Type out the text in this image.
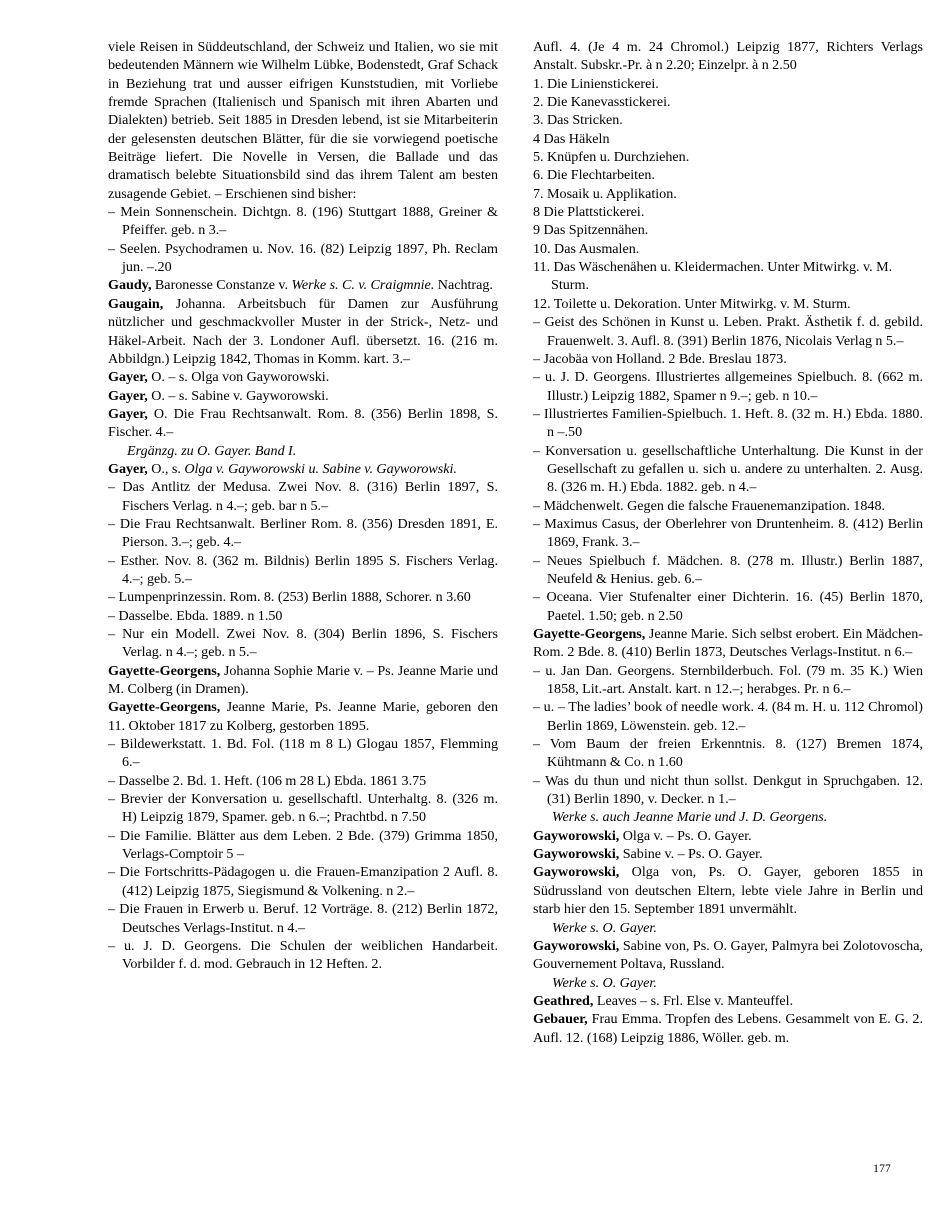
viele Reisen in Süddeutschland, der Schweiz und Italien, wo sie mit bedeutenden Männern wie Wilhelm Lübke, Bodenstedt, Graf Schack in Beziehung trat und ausser eifrigen Kunststudien, mit Vorliebe fremde Sprachen (Italienisch und Spanisch mit ihren Abarten und Dialekten) betrieb. Seit 1885 in Dresden lebend, ist sie Mitarbeiterin der gelesensten deutschen Blätter, für die sie vorwiegend poetische Beiträge liefert. Die Novelle in Versen, die Ballade und das dramatisch belebte Situationsbild sind das ihrem Talent am besten zusagende Gebiet. – Erschienen sind bisher:

– Mein Sonnenschein. Dichtgn. 8. (196) Stuttgart 1888, Greiner & Pfeiffer. geb. n 3.–

– Seelen. Psychodramen u. Nov. 16. (82) Leipzig 1897, Ph. Reclam jun. –.20

Gaudy, Baronesse Constanze v. Werke s. C. v. Craigmnie. Nachtrag.

Gaugain, Johanna. Arbeitsbuch für Damen zur Ausführung nützlicher und geschmackvoller Muster in der Strick-, Netz- und Häkel-Arbeit. Nach der 3. Londoner Aufl. übersetzt. 16. (216 m. Abbildgn.) Leipzig 1842, Thomas in Komm. kart. 3.–

Gayer, O. – s. Olga von Gayworowski.

Gayer, O. – s. Sabine v. Gayworowski.

Gayer, O. Die Frau Rechtsanwalt. Rom. 8. (356) Berlin 1898, S. Fischer. 4.–

Ergänzg. zu O. Gayer. Band I.

Gayer, O., s. Olga v. Gayworowski u. Sabine v. Gayworowski.

– Das Antlitz der Medusa. Zwei Nov. 8. (316) Berlin 1897, S. Fischers Verlag. n 4.–; geb. bar n 5.–

– Die Frau Rechtsanwalt. Berliner Rom. 8. (356) Dresden 1891, E. Pierson. 3.–; geb. 4.–

– Esther. Nov. 8. (362 m. Bildnis) Berlin 1895 S. Fischers Verlag. 4.–; geb. 5.–

– Lumpenprinzessin. Rom. 8. (253) Berlin 1888, Schorer. n 3.60

– Dasselbe. Ebda. 1889. n 1.50

– Nur ein Modell. Zwei Nov. 8. (304) Berlin 1896, S. Fischers Verlag. n 4.–; geb. n 5.–

Gayette-Georgens, Johanna Sophie Marie v. – Ps. Jeanne Marie und M. Colberg (in Dramen).

Gayette-Georgens, Jeanne Marie, Ps. Jeanne Marie, geboren den 11. Oktober 1817 zu Kolberg, gestorben 1895.

– Bildewerkstatt. 1. Bd. Fol. (118 m 8 L) Glogau 1857, Flemming 6.–

– Dasselbe 2. Bd. 1. Heft. (106 m 28 L) Ebda. 1861 3.75

– Brevier der Konversation u. gesellschaftl. Unterhaltg. 8. (326 m. H) Leipzig 1879, Spamer. geb. n 6.–; Prachtbd. n 7.50

– Die Familie. Blätter aus dem Leben. 2 Bde. (379) Grimma 1850, Verlags-Comptoir 5 –

– Die Fortschritts-Pädagogen u. die Frauen-Emanzipation 2 Aufl. 8. (412) Leipzig 1875, Siegismund & Volkening. n 2.–

– Die Frauen in Erwerb u. Beruf. 12 Vorträge. 8. (212) Berlin 1872, Deutsches Verlags-Institut. n 4.–

– u. J. D. Georgens. Die Schulen der weiblichen Handarbeit. Vorbilder f. d. mod. Gebrauch in 12 Heften. 2.

Aufl. 4. (Je 4 m. 24 Chromol.) Leipzig 1877, Richters Verlags Anstalt. Subskr.-Pr. à n 2.20; Einzelpr. à n 2.50

1. Die Linienstickerei.

2. Die Kanevasstickerei.

3. Das Stricken.

4 Das Häkeln

5. Knüpfen u. Durchziehen.

6. Die Flechtarbeiten.

7. Mosaik u. Applikation.

8 Die Plattstickerei.

9 Das Spitzennähen.

10. Das Ausmalen.

11. Das Wäschenähen u. Kleidermachen. Unter Mitwirkg. v. M. Sturm.

12. Toilette u. Dekoration. Unter Mitwirkg. v. M. Sturm.

– Geist des Schönen in Kunst u. Leben. Prakt. Ästhetik f. d. gebild. Frauenwelt. 3. Aufl. 8. (391) Berlin 1876, Nicolais Verlag n 5.–

– Jacobäa von Holland. 2 Bde. Breslau 1873.

– u. J. D. Georgens. Illustriertes allgemeines Spielbuch. 8. (662 m. Illustr.) Leipzig 1882, Spamer n 9.–; geb. n 10.–

– Illustriertes Familien-Spielbuch. 1. Heft. 8. (32 m. H.) Ebda. 1880. n –.50

– Konversation u. gesellschaftliche Unterhaltung. Die Kunst in der Gesellschaft zu gefallen u. sich u. andere zu unterhalten. 2. Ausg. 8. (326 m. H.) Ebda. 1882. geb. n 4.–

– Mädchenwelt. Gegen die falsche Frauenemanzipation. 1848.

– Maximus Casus, der Oberlehrer von Druntenheim. 8. (412) Berlin 1869, Frank. 3.–

– Neues Spielbuch f. Mädchen. 8. (278 m. Illustr.) Berlin 1887, Neufeld & Henius. geb. 6.–

– Oceana. Vier Stufenalter einer Dichterin. 16. (45) Berlin 1870, Paetel. 1.50; geb. n 2.50

Gayette-Georgens, Jeanne Marie. Sich selbst erobert. Ein Mädchen-Rom. 2 Bde. 8. (410) Berlin 1873, Deutsches Verlags-Institut. n 6.–

– u. Jan Dan. Georgens. Sternbilderbuch. Fol. (79 m. 35 K.) Wien 1858, Lit.-art. Anstalt. kart. n 12.–; herabges. Pr. n 6.–

– u. – The ladies’ book of needle work. 4. (84 m. H. u. 112 Chromol) Berlin 1869, Löwenstein. geb. 12.–

– Vom Baum der freien Erkenntnis. 8. (127) Bremen 1874, Kühtmann & Co. n 1.60

– Was du thun und nicht thun sollst. Denkgut in Spruchgaben. 12. (31) Berlin 1890, v. Decker. n 1.–

Werke s. auch Jeanne Marie und J. D. Georgens.

Gayworowski, Olga v. – Ps. O. Gayer.

Gayworowski, Sabine v. – Ps. O. Gayer.

Gayworowski, Olga von, Ps. O. Gayer, geboren 1855 in Südrussland von deutschen Eltern, lebte viele Jahre in Berlin und starb hier den 15. September 1891 unvermählt.

Werke s. O. Gayer.

Gayworowski, Sabine von, Ps. O. Gayer, Palmyra bei Zolotovoscha, Gouvernement Poltava, Russland.

Werke s. O. Gayer.

Geathred, Leaves – s. Frl. Else v. Manteuffel.

Gebauer, Frau Emma. Tropfen des Lebens. Gesammelt von E. G. 2. Aufl. 12. (168) Leipzig 1886, Wöller. geb. m.

177
